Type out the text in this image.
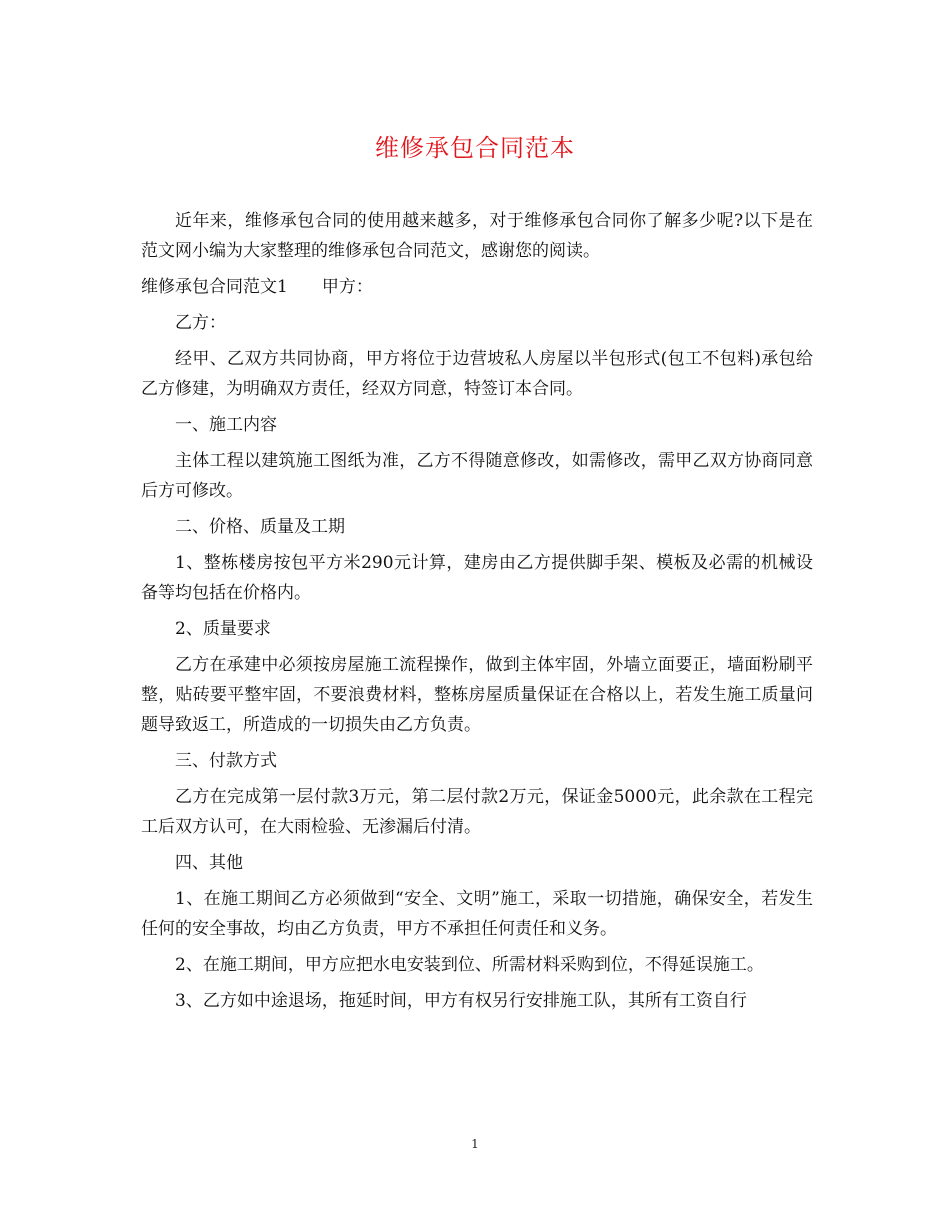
维修承包合同范本

近年来，维修承包合同的使用越来越多，对于维修承包合同你了解多少呢?以下是在范文网小编为大家整理的维修承包合同范文，感谢您的阅读。

维修承包合同范文1 甲方：

乙方：

经甲、乙双方共同协商，甲方将位于边营坡私人房屋以半包形式(包工不包料)承包给乙方修建，为明确双方责任，经双方同意，特签订本合同。

一、施工内容

主体工程以建筑施工图纸为准，乙方不得随意修改，如需修改，需甲乙双方协商同意后方可修改。

二、价格、质量及工期

1、整栋楼房按包平方米290元计算，建房由乙方提供脚手架、模板及必需的机械设备等均包括在价格内。

2、质量要求

乙方在承建中必须按房屋施工流程操作，做到主体牢固，外墙立面要正，墙面粉刷平整，贴砖要平整牢固，不要浪费材料，整栋房屋质量保证在合格以上，若发生施工质量问题导致返工，所造成的一切损失由乙方负责。

三、付款方式

乙方在完成第一层付款3万元，第二层付款2万元，保证金5000元，此余款在工程完工后双方认可，在大雨检验、无渗漏后付清。

四、其他

1、在施工期间乙方必须做到“安全、文明”施工，采取一切措施，确保安全，若发生任何的安全事故，均由乙方负责，甲方不承担任何责任和义务。

2、在施工期间，甲方应把水电安装到位、所需材料采购到位，不得延误施工。

3、乙方如中途退场，拖延时间，甲方有权另行安排施工队，其所有工资自行

1
